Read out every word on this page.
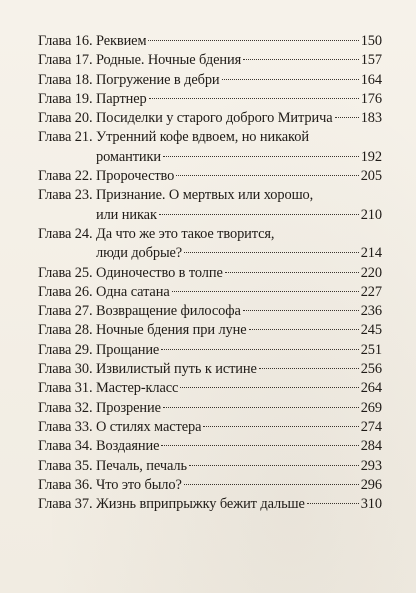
Глава 16. Реквием	150
Глава 17. Родные. Ночные бдения	157
Глава 18. Погружение в дебри	164
Глава 19. Партнер	176
Глава 20. Посиделки у старого доброго Митрича 183
Глава 21. Утренний кофе вдвоем, но никакой
романтики	192
Глава 22. Пророчество	205
Глава 23. Признание. О мертвых или хорошо,
или никак	210
Глава 24. Да что же это такое творится,
люди добрые?	214
Глава 25. Одиночество в толпе	220
Глава 26. Одна сатана	227
Глава 27. Возвращение философа	236
Глава 28. Ночные бдения при луне	245
Глава 29. Прощание	251
Глава 30. Извилистый путь к истине	256
Глава 31. Мастер-класс	264
Глава 32. Прозрение	269
Глава 33. О стилях мастера	274
Глава 34. Воздаяние	284
Глава 35. Печаль, печаль	293
Глава 36. Что это было?	296
Глава 37. Жизнь вприпрыжку бежит дальше	310
